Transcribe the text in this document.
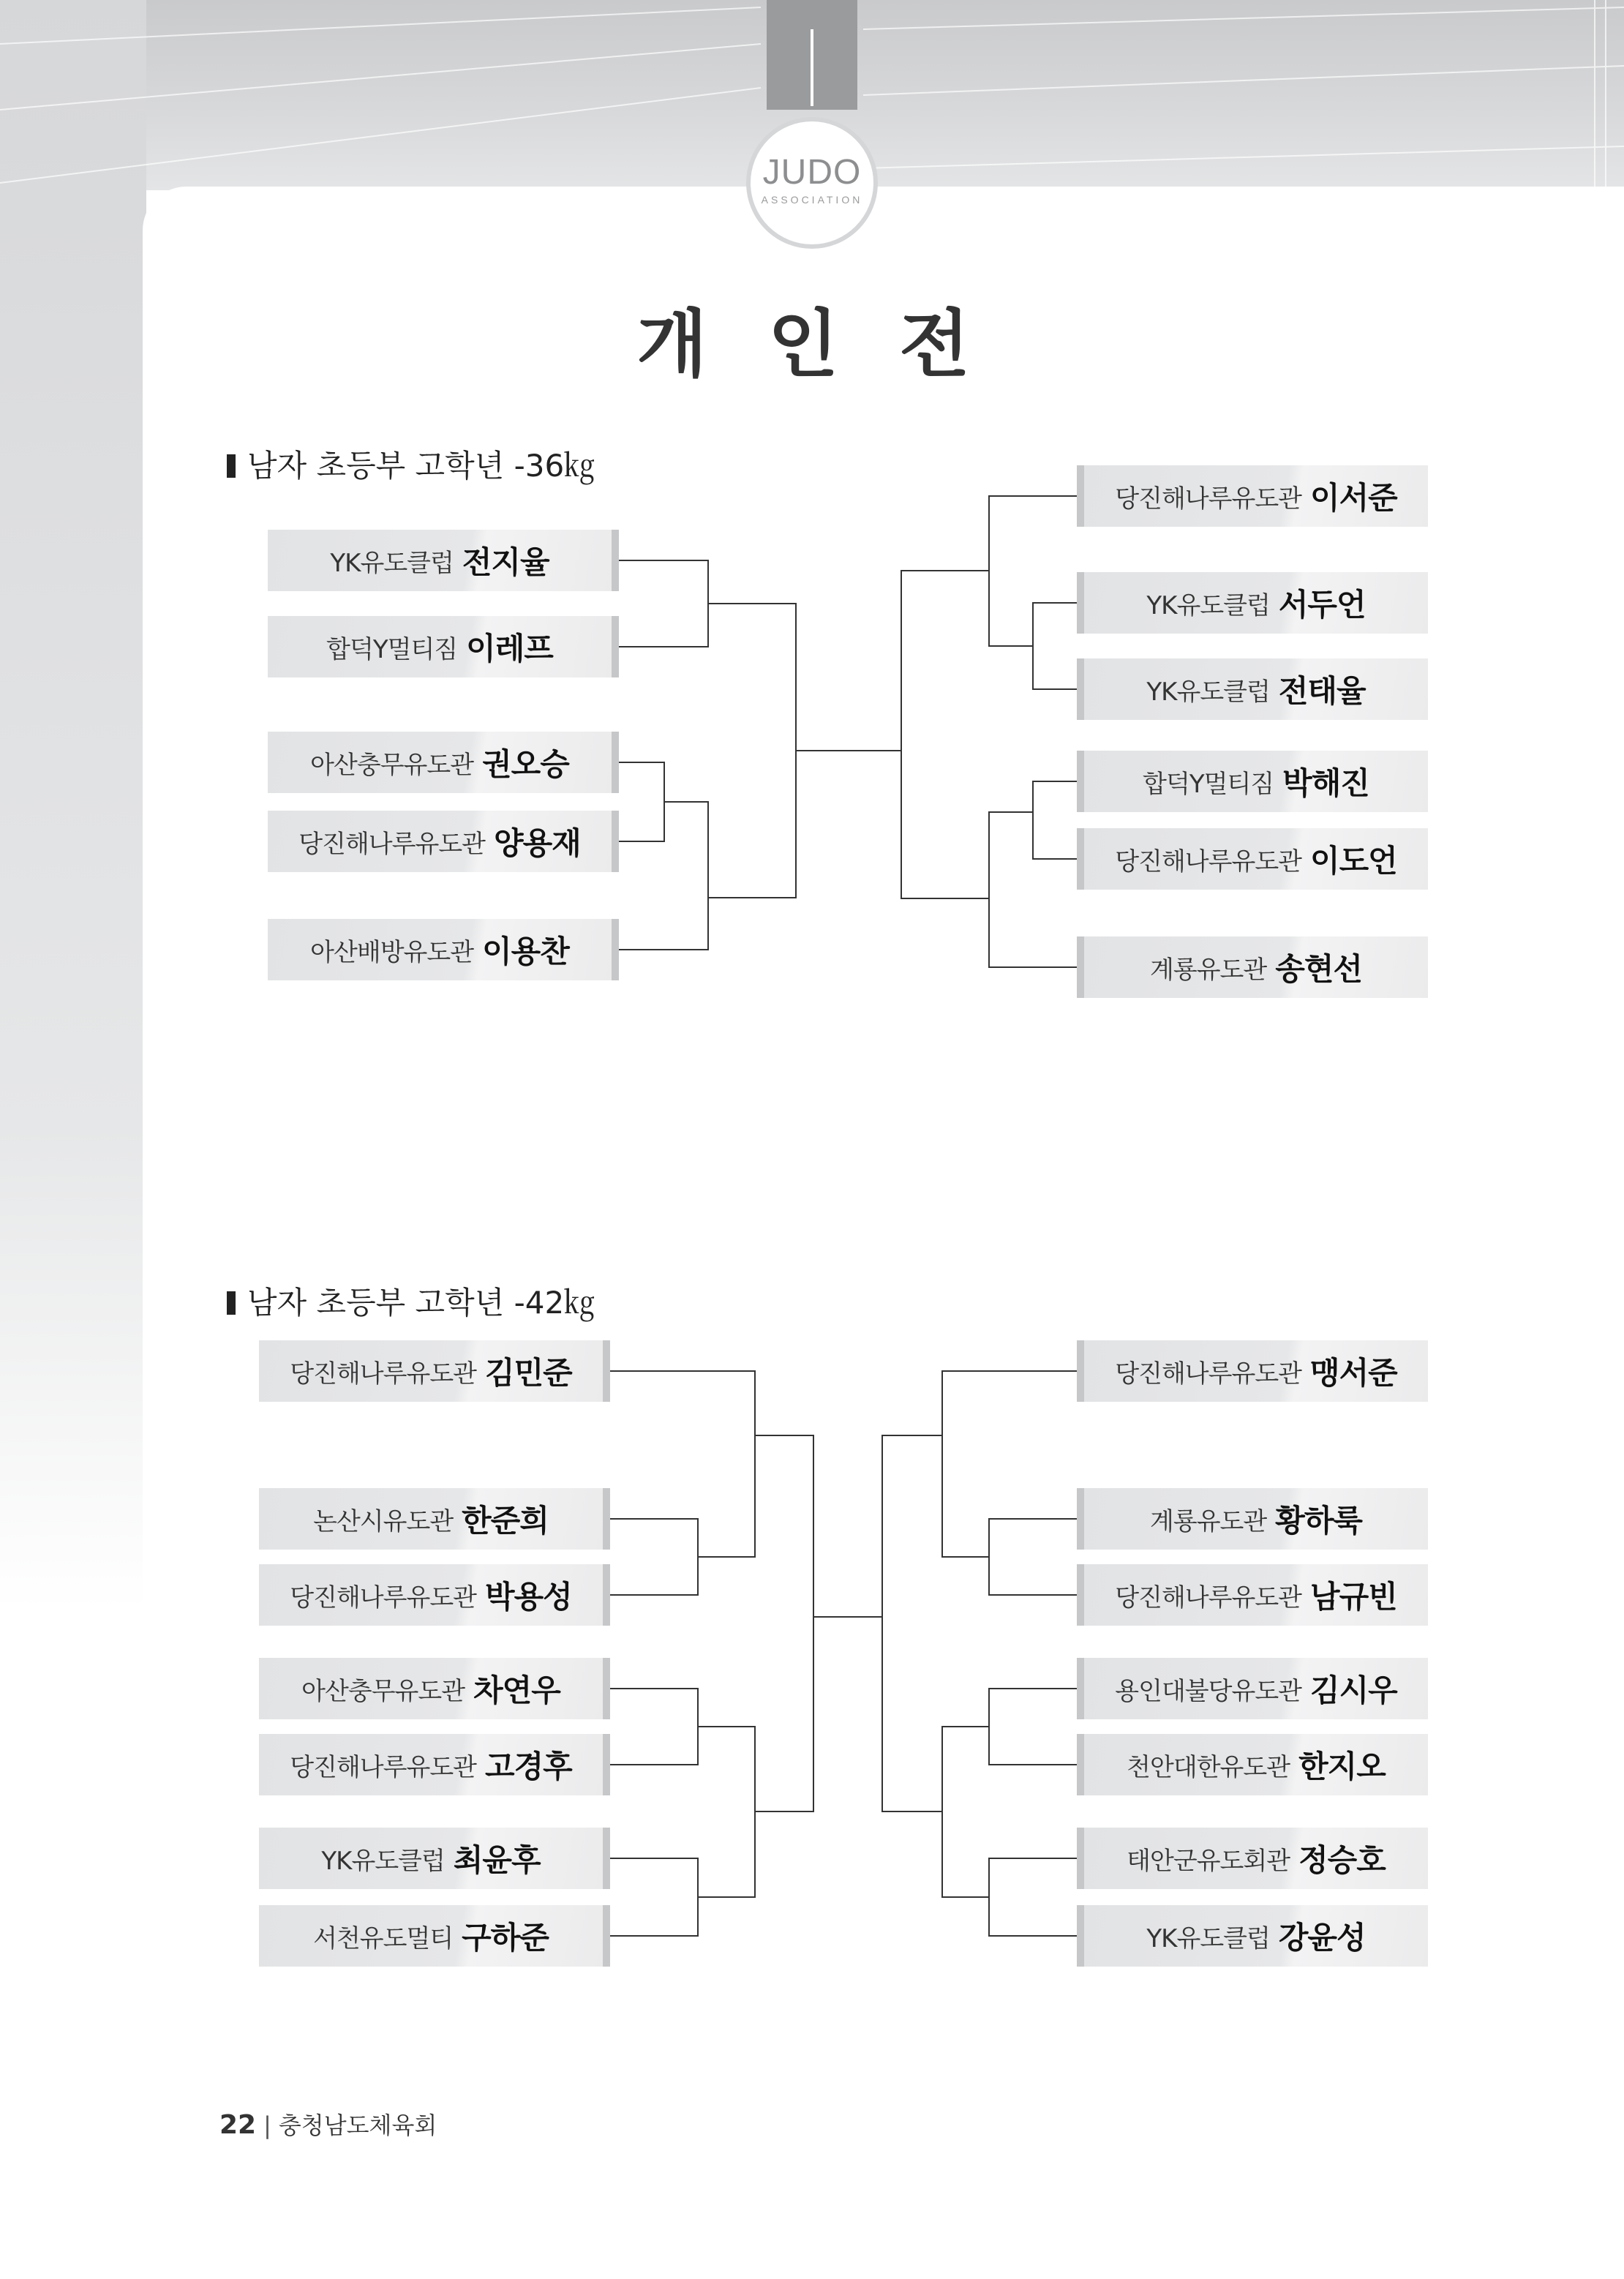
JUDO
ASSOCIATION
개 인 전
남자 초등부 고학년 -36㎏
YK유도클럽 전지율
합덕Y멀티짐 이레프
아산충무유도관 권오승
당진해나루유도관 양용재
아산배방유도관 이용찬
당진해나루유도관 이서준
YK유도클럽 서두언
YK유도클럽 전태율
합덕Y멀티짐 박해진
당진해나루유도관 이도언
계룡유도관 송현선
남자 초등부 고학년 -42㎏
당진해나루유도관 김민준
논산시유도관 한준희
당진해나루유도관 박용성
아산충무유도관 차연우
당진해나루유도관 고경후
YK유도클럽 최윤후
서천유도멀티 구하준
당진해나루유도관 맹서준
계룡유도관 황하룩
당진해나루유도관 남규빈
용인대불당유도관 김시우
천안대한유도관 한지오
태안군유도회관 정승호
YK유도클럽 강윤성
22 | 충청남도체육회
